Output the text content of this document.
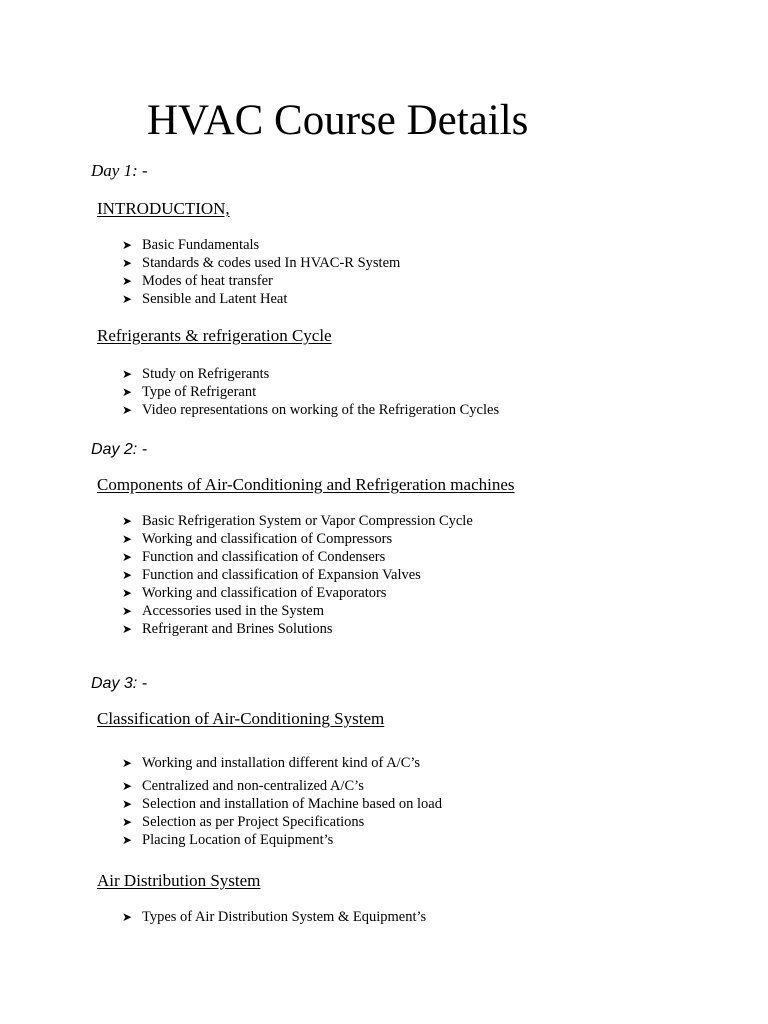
HVAC Course Details
Day 1: -
INTRODUCTION,
➤ Basic Fundamentals
➤ Standards & codes used In HVAC-R System
➤ Modes of heat transfer
➤ Sensible and Latent Heat
Refrigerants & refrigeration Cycle
➤ Study on Refrigerants
➤ Type of Refrigerant
➤ Video representations on working of the Refrigeration Cycles
Day 2: -
Components of Air-Conditioning and Refrigeration machines
➤ Basic Refrigeration System or Vapor Compression Cycle
➤ Working and classification of Compressors
➤ Function and classification of Condensers
➤ Function and classification of Expansion Valves
➤ Working and classification of Evaporators
➤ Accessories used in the System
➤ Refrigerant and Brines Solutions
Day 3: -
Classification of Air-Conditioning System
➤ Working and installation different kind of A/C’s
➤ Centralized and non-centralized A/C’s
➤ Selection and installation of Machine based on load
➤ Selection as per Project Specifications
➤ Placing Location of Equipment’s
Air Distribution System
➤ Types of Air Distribution System & Equipment’s
